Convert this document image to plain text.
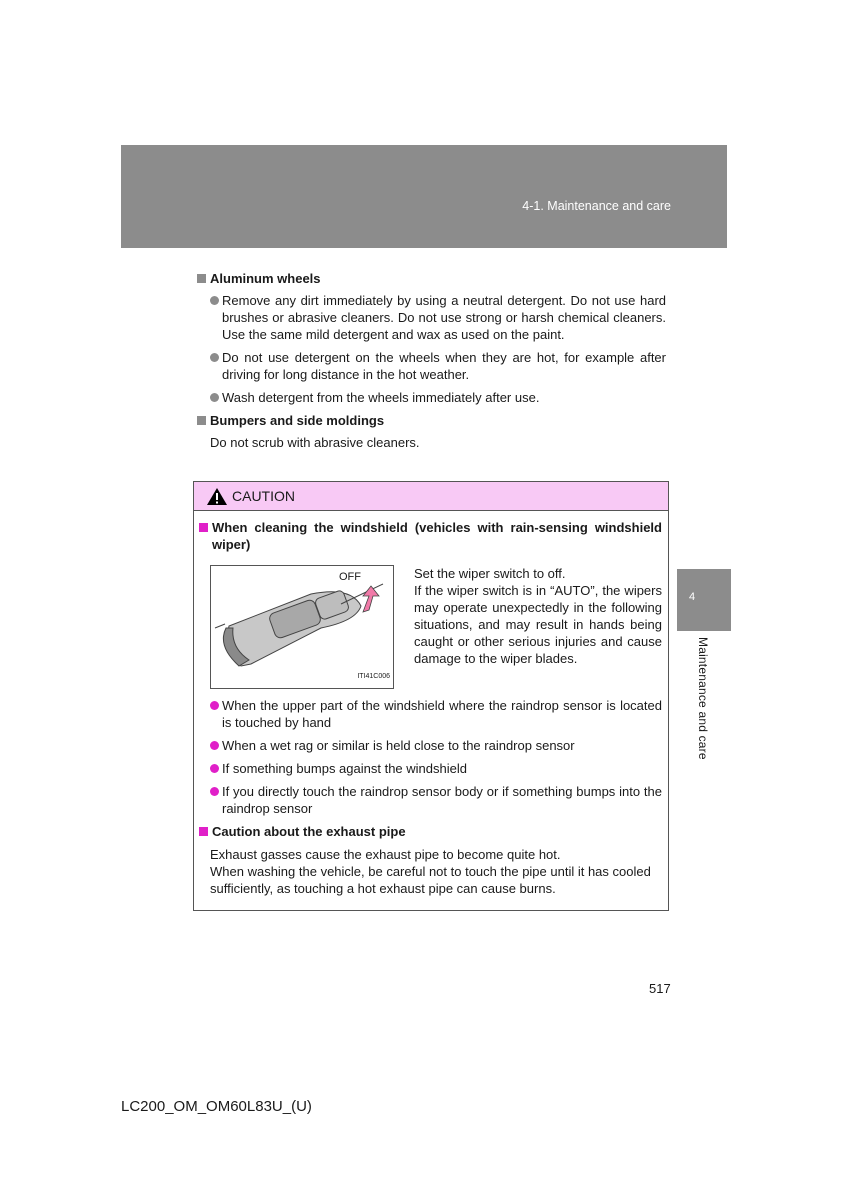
4-1. Maintenance and care
4
Maintenance and care
Aluminum wheels
Remove any dirt immediately by using a neutral detergent. Do not use hard brushes or abrasive cleaners. Do not use strong or harsh chemical cleaners. Use the same mild detergent and wax as used on the paint.
Do not use detergent on the wheels when they are hot, for example after driving for long distance in the hot weather.
Wash detergent from the wheels immediately after use.
Bumpers and side moldings
Do not scrub with abrasive cleaners.
CAUTION
When cleaning the windshield (vehicles with rain-sensing windshield wiper)
OFF
ITI41C006
Set the wiper switch to off.
If the wiper switch is in “AUTO”, the wipers may operate unexpectedly in the following situations, and may result in hands being caught or other serious injuries and cause damage to the wiper blades.
When the upper part of the windshield where the raindrop sensor is located is touched by hand
When a wet rag or similar is held close to the raindrop sensor
If something bumps against the windshield
If you directly touch the raindrop sensor body or if something bumps into the raindrop sensor
Caution about the exhaust pipe
Exhaust gasses cause the exhaust pipe to become quite hot.
When washing the vehicle, be careful not to touch the pipe until it has cooled sufficiently, as touching a hot exhaust pipe can cause burns.
517
LC200_OM_OM60L83U_(U)
